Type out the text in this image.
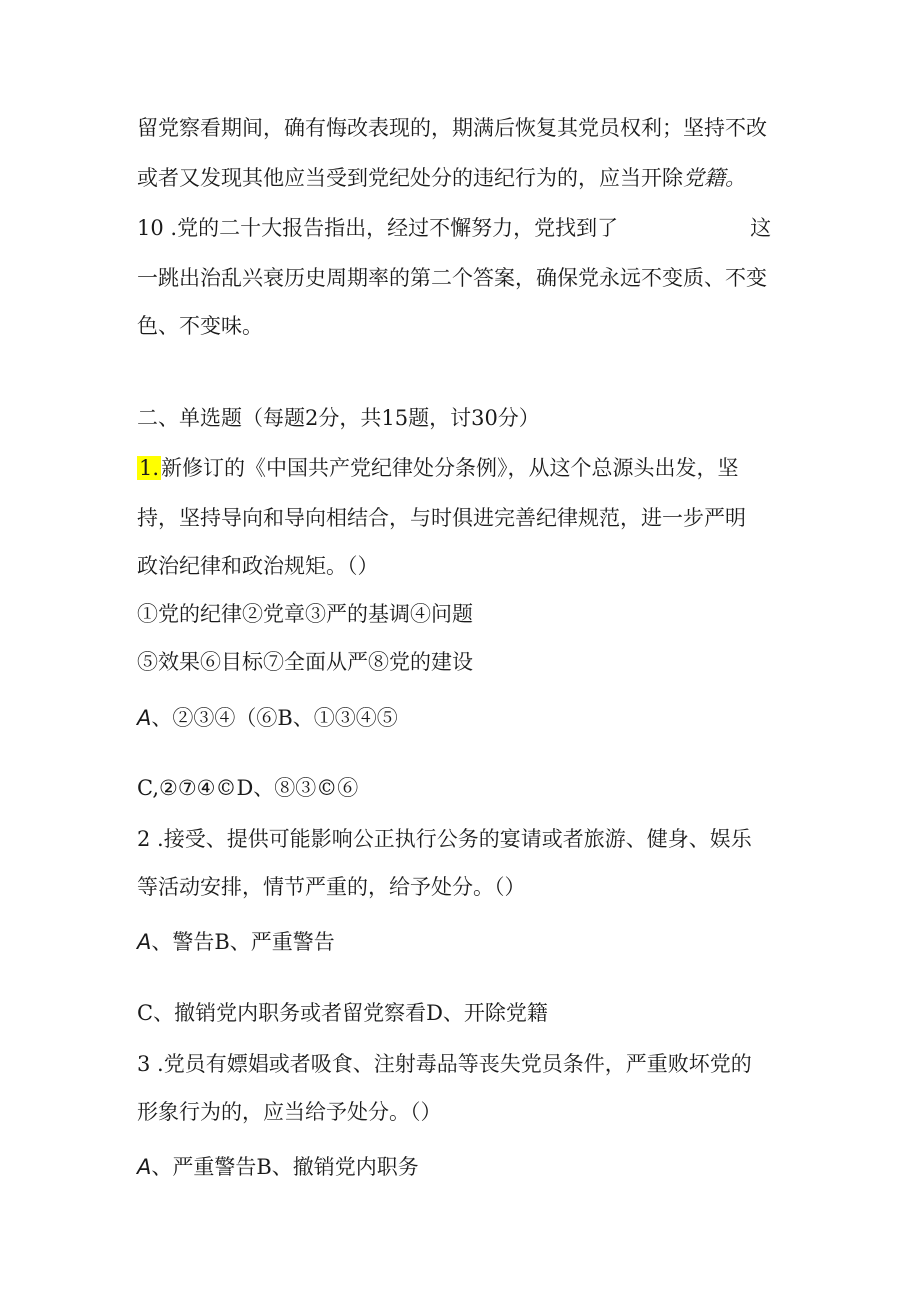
留党察看期间，确有悔改表现的，期满后恢复其党员权利；坚持不改
或者又发现其他应当受到党纪处分的违纪行为的，应当开除党籍。
10 .党的二十大报告指出，经过不懈努力，党找到了	这
一跳出治乱兴衰历史周期率的第二个答案，确保党永远不变质、不变
色、不变味。
二、单选题（每题2分，共15题，讨30分）
1.新修订的《中国共产党纪律处分条例》，从这个总源头出发，坚
持，坚持导向和导向相结合，与时俱进完善纪律规范，进一步严明
政治纪律和政治规矩。（）
①党的纪律②党章③严的基调④问题
⑤效果⑥目标⑦全面从严⑧党的建设
A、②③④（⑥B、①③④⑤
C,②⑦④©D、⑧③©⑥
2 .接受、提供可能影响公正执行公务的宴请或者旅游、健身、娱乐
等活动安排，情节严重的，给予处分。（）
A、警告B、严重警告
C、撤销党内职务或者留党察看D、开除党籍
3 .党员有嫖娼或者吸食、注射毒品等丧失党员条件，严重败坏党的
形象行为的，应当给予处分。（）
A、严重警告B、撤销党内职务
